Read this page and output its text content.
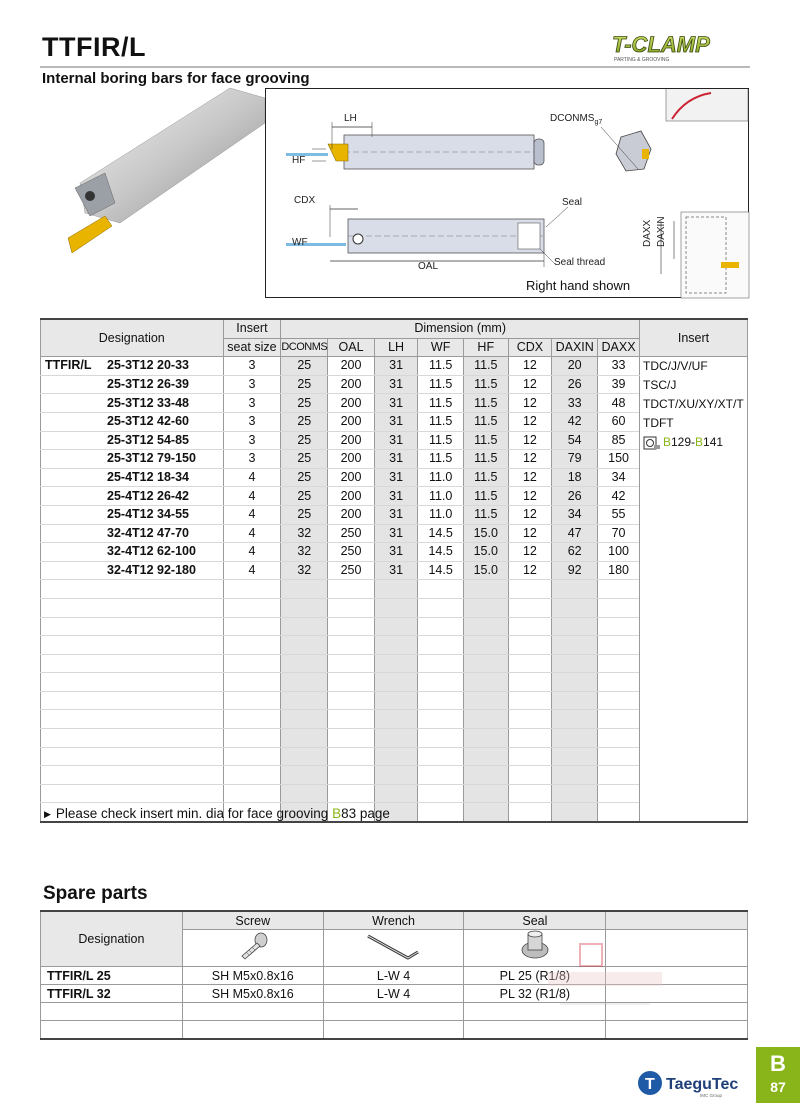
TTFIR/L
Internal boring bars for face grooving
T-CLAMP
PARTING & GROOVING
LH
HF
$DCONMS_{g7}$
CDX
WF
OAL
Seal
Seal thread
DAXX DAXIN
Right hand shown
Designation	Insert	Dimension (mm)								Insert
	seat size	DCONMS	OAL	LH	WF	HF	CDX	DAXIN	DAXX	
TTFIR/L 25-3T12 20-33	3	25	200	31	11.5	11.5	12	20	33	TDC/J/V/UF
TSC/J
TDCT/XU/XY/XT/T
TDFT
B129-B141

25-3T12 26-39	3	25	200	31	11.5	11.5	12	26	39	
25-3T12 33-48	3	25	200	31	11.5	11.5	12	33	48	
25-3T12 42-60	3	25	200	31	11.5	11.5	12	42	60	
25-3T12 54-85	3	25	200	31	11.5	11.5	12	54	85	
25-3T12 79-150	3	25	200	31	11.5	11.5	12	79	150	
25-4T12 18-34	4	25	200	31	11.0	11.5	12	18	34	
25-4T12 26-42	4	25	200	31	11.0	11.5	12	26	42	
25-4T12 34-55	4	25	200	31	11.0	11.5	12	34	55	
32-4T12 47-70	4	32	250	31	14.5	15.0	12	47	70	
32-4T12 62-100	4	32	250	31	14.5	15.0	12	62	100	
32-4T12 92-180	4	32	250	31	14.5	15.0	12	92	180	

▶ Please check insert min. dia for face grooving B83 page
Spare parts
Designation	Screw	Wrench	Seal	

TTFIR/L 25	SH M5x0.8x16	L-W 4	PL 25 (R1/8)	
TTFIR/L 32	SH M5x0.8x16	L-W 4	PL 32 (R1/8)	

T TaeguTec
IMC Group
B
87
